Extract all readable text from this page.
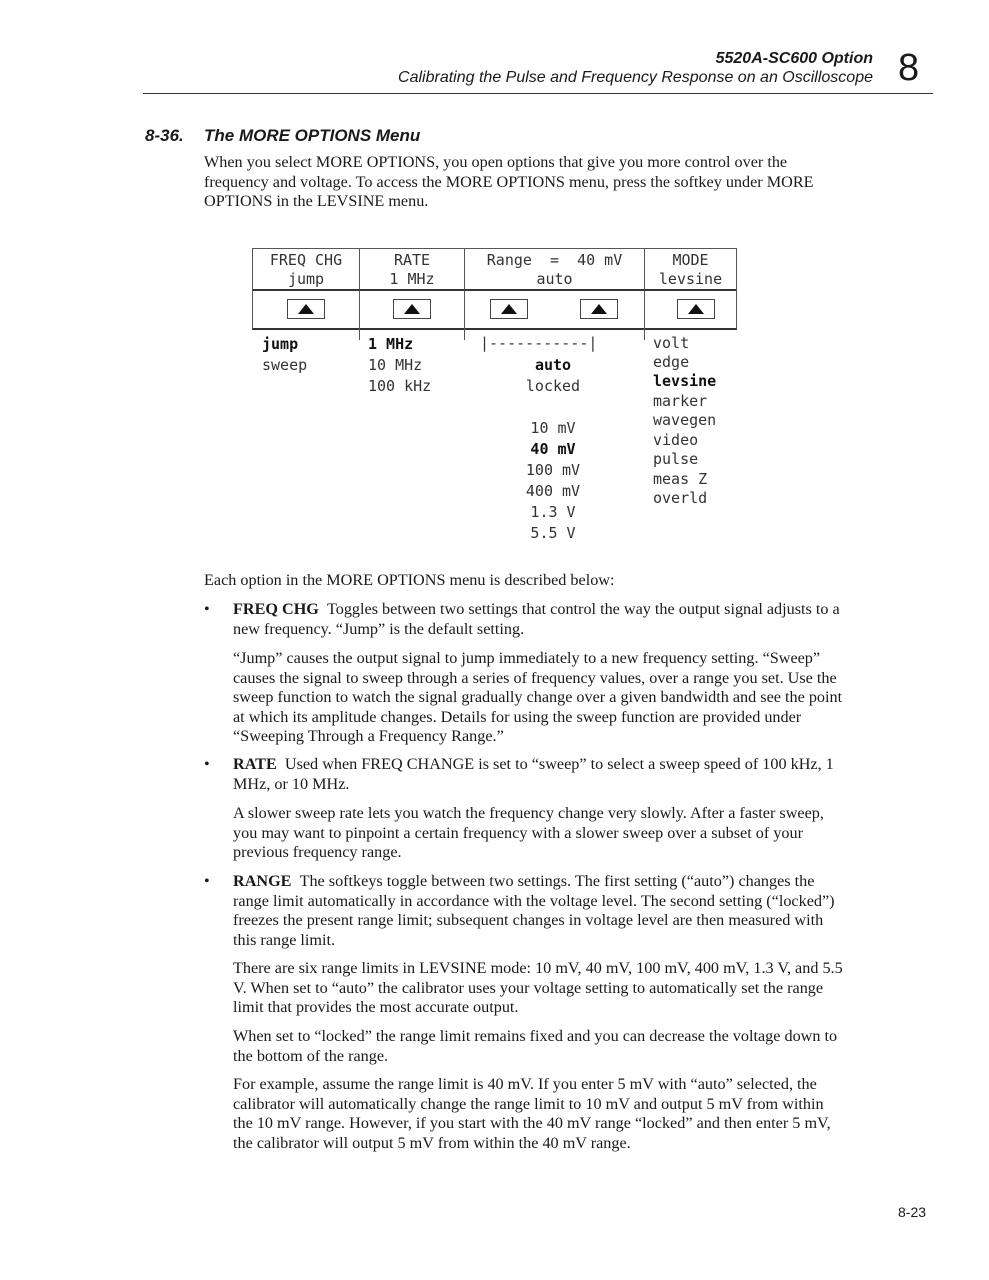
5520A-SC600 Option
Calibrating the Pulse and Frequency Response on an Oscilloscope 8
8-36. The MORE OPTIONS Menu
When you select MORE OPTIONS, you open options that give you more control over the frequency and voltage. To access the MORE OPTIONS menu, press the softkey under MORE OPTIONS in the LEVSINE menu.
FREQ CHG
jump
RATE
1 MHz
Range  =  40 mV
auto
MODE
levsine
jump
sweep
1 MHz
10 MHz
100 kHz
|-----------|
auto
locked
10 mV
40 mV
100 mV
400 mV
1.3 V
5.5 V
volt
edge
levsine
marker
wavegen
video
pulse
meas Z
overld
Each option in the MORE OPTIONS menu is described below:
• FREQ CHG Toggles between two settings that control the way the output signal adjusts to a new frequency. “Jump” is the default setting.
“Jump” causes the output signal to jump immediately to a new frequency setting. “Sweep” causes the signal to sweep through a series of frequency values, over a range you set. Use the sweep function to watch the signal gradually change over a given bandwidth and see the point at which its amplitude changes. Details for using the sweep function are provided under “Sweeping Through a Frequency Range.”
• RATE Used when FREQ CHANGE is set to “sweep” to select a sweep speed of 100 kHz, 1 MHz, or 10 MHz.
A slower sweep rate lets you watch the frequency change very slowly. After a faster sweep, you may want to pinpoint a certain frequency with a slower sweep over a subset of your previous frequency range.
• RANGE The softkeys toggle between two settings. The first setting (“auto”) changes the range limit automatically in accordance with the voltage level. The second setting (“locked”) freezes the present range limit; subsequent changes in voltage level are then measured with this range limit.
There are six range limits in LEVSINE mode: 10 mV, 40 mV, 100 mV, 400 mV, 1.3 V, and 5.5 V. When set to “auto” the calibrator uses your voltage setting to automatically set the range limit that provides the most accurate output.
When set to “locked” the range limit remains fixed and you can decrease the voltage down to the bottom of the range.
For example, assume the range limit is 40 mV. If you enter 5 mV with “auto” selected, the calibrator will automatically change the range limit to 10 mV and output 5 mV from within the 10 mV range. However, if you start with the 40 mV range “locked” and then enter 5 mV, the calibrator will output 5 mV from within the 40 mV range.
8-23
